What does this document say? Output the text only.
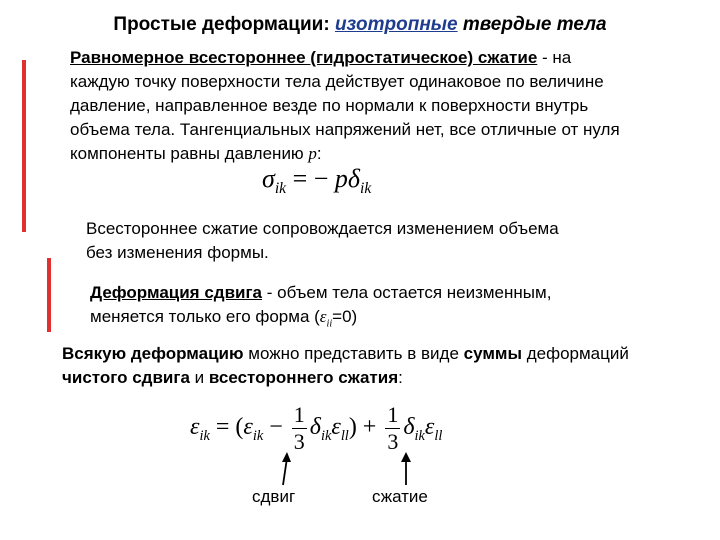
Простые деформации: изотропные твердые тела
Равномерное всестороннее (гидростатическое) сжатие - на
каждую точку поверхности тела действует одинаковое по величине
давление, направленное везде по нормали к поверхности внутрь
объема тела. Тангенциальных напряжений нет, все отличные от нуля
компоненты равны давлению p:
$\sigma_{ik}$ = − $p\delta_{ik}$
Всестороннее сжатие сопровождается изменением объема
без изменения формы.
Деформация сдвига - объем тела остается неизменным,
меняется только его форма $(\varepsilon_{ii}=0)$
Всякую деформацию можно представить в виде суммы деформаций
чистого сдвига и всестороннего сжатия:
$\varepsilon_{ik} = (\varepsilon_{ik} - \frac{1}{3} \delta_{ik}\varepsilon_{ll}) + \frac{1}{3} \delta_{ik}\varepsilon_{ll}$
сдвиг	сжатие
